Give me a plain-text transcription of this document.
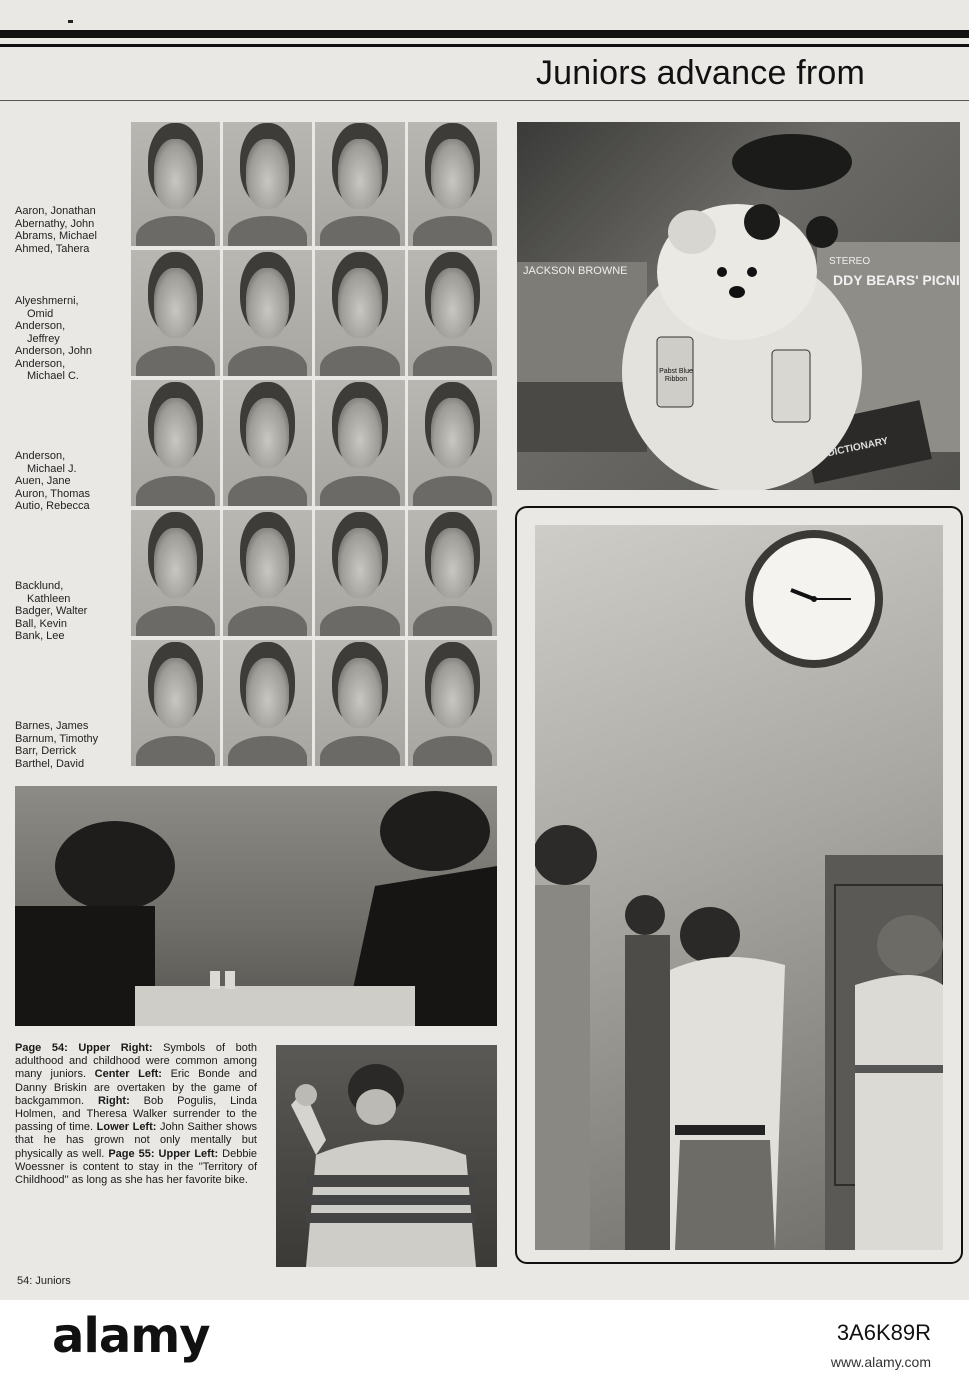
Juniors advance from
Aaron, Jonathan
Abernathy, John
Abrams, Michael
Ahmed, Tahera
Alyeshmerni,
Omid
Anderson,
Jeffrey
Anderson, John
Anderson,
Michael C.
Anderson,
Michael J.
Auen, Jane
Auron, Thomas
Autio, Rebecca
Backlund,
Kathleen
Badger, Walter
Ball, Kevin
Bank, Lee
Barnes, James
Barnum, Timothy
Barr, Derrick
Barthel, David
JACKSON BROWNE
STEREO
DDY BEARS' PICNI
Pabst Blue Ribbon
DICTIONARY
Page 54: Upper Right: Symbols of both adulthood and childhood were common among many juniors. Center Left: Eric Bonde and Danny Briskin are overtaken by the game of backgammon. Right: Bob Pogulis, Linda Holmen, and Theresa Walker surrender to the passing of time. Lower Left: John Saither shows that he has grown not only mentally but physically as well. Page 55: Upper Left: Debbie Woessner is content to stay in the ''Territory of Childhood'' as long as she has her favorite bike.
54: Juniors
alamy	3A6K89R
www.alamy.com
